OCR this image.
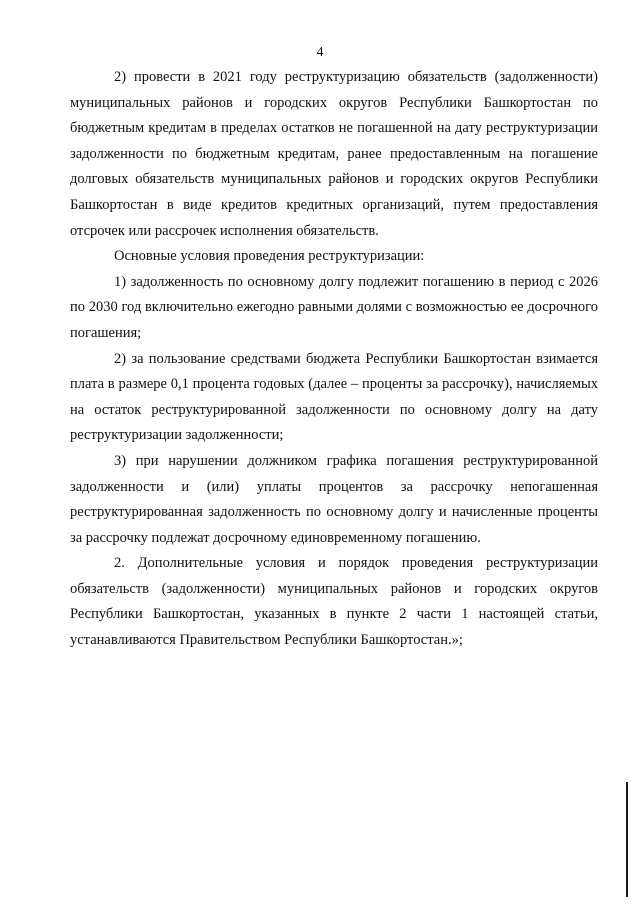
4

2) провести в 2021 году реструктуризацию обязательств (задолженности) муниципальных районов и городских округов Республики Башкортостан по бюджетным кредитам в пределах остатков не погашенной на дату реструктуризации задолженности по бюджетным кредитам, ранее предоставленным на погашение долговых обязательств муниципальных районов и городских округов Республики Башкортостан в виде кредитов кредитных организаций, путем предоставления отсрочек или рассрочек исполнения обязательств.

Основные условия проведения реструктуризации:

1) задолженность по основному долгу подлежит погашению в период с 2026 по 2030 год включительно ежегодно равными долями с возможностью ее досрочного погашения;

2) за пользование средствами бюджета Республики Башкортостан взимается плата в размере 0,1 процента годовых (далее – проценты за рассрочку), начисляемых на остаток реструктурированной задолженности по основному долгу на дату реструктуризации задолженности;

3) при нарушении должником графика погашения реструктурированной задолженности и (или) уплаты процентов за рассрочку непогашенная реструктурированная задолженность по основному долгу и начисленные проценты за рассрочку подлежат досрочному единовременному погашению.

2. Дополнительные условия и порядок проведения реструктуризации обязательств (задолженности) муниципальных районов и городских округов Республики Башкортостан, указанных в пункте 2 части 1 настоящей статьи, устанавливаются Правительством Республики Башкортостан.»;
